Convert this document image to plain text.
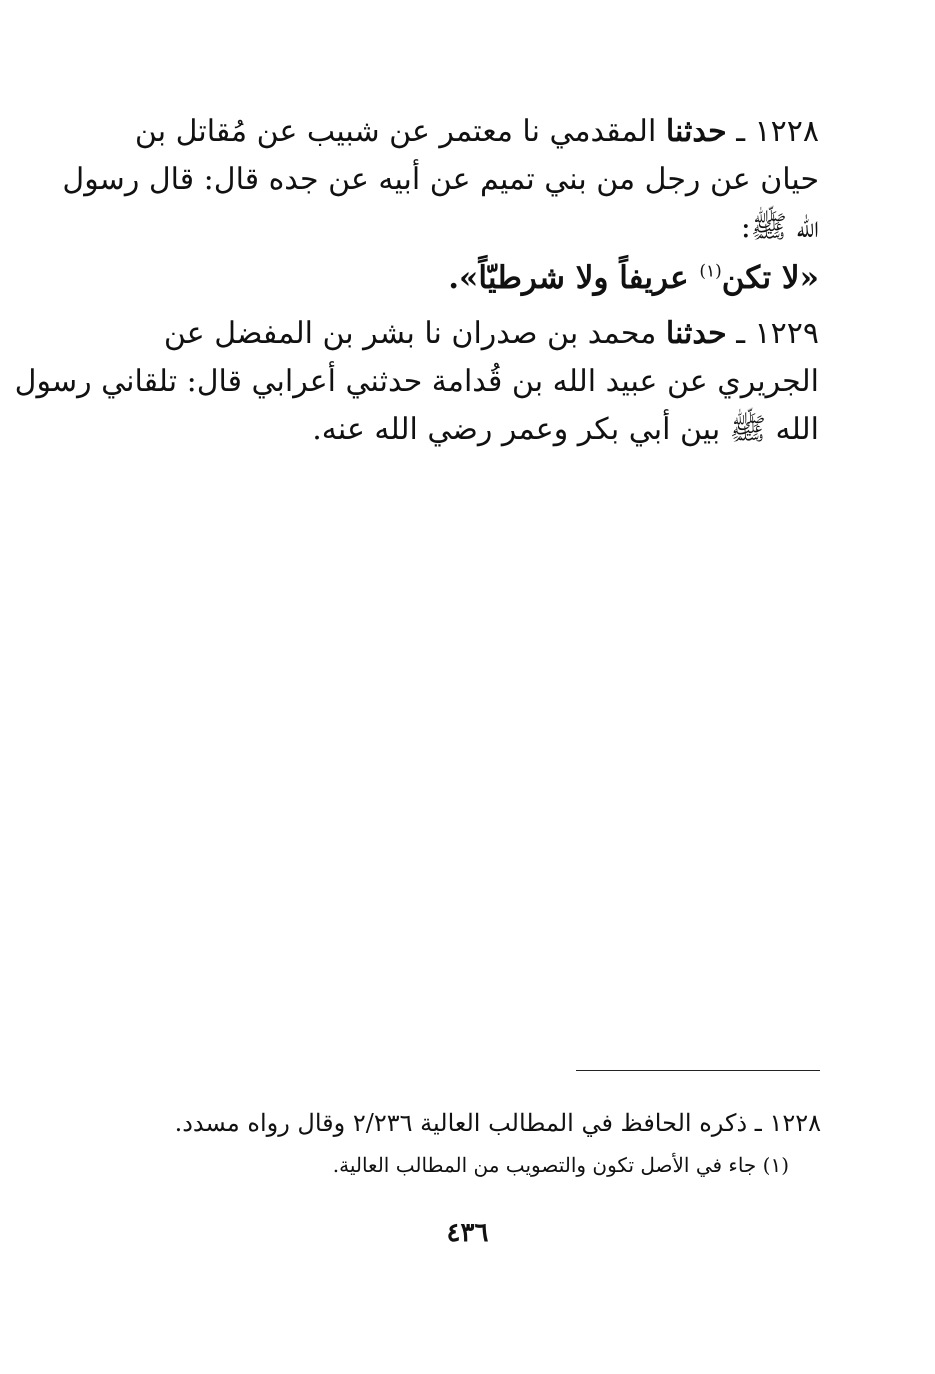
١٢٢٨ ـ حدثنا المقدمي نا معتمر عن شبيب عن مُقاتل بن
حيان عن رجل من بني تميم عن أبيه عن جده قال: قال رسول
الله ﷺ:
«لا تكن$^{(١)}$ عريفاً ولا شرطيّاً».
١٢٢٩ ـ حدثنا محمد بن صدران نا بشر بن المفضل عن
الجريري عن عبيد الله بن قُدامة حدثني أعرابي قال: تلقاني رسول
الله ﷺ بين أبي بكر وعمر رضي الله عنه.
١٢٢٨ ـ ذكره الحافظ في المطالب العالية ٢/٢٣٦ وقال رواه مسدد.
(١) جاء في الأصل تكون والتصويب من المطالب العالية.
٤٣٦
